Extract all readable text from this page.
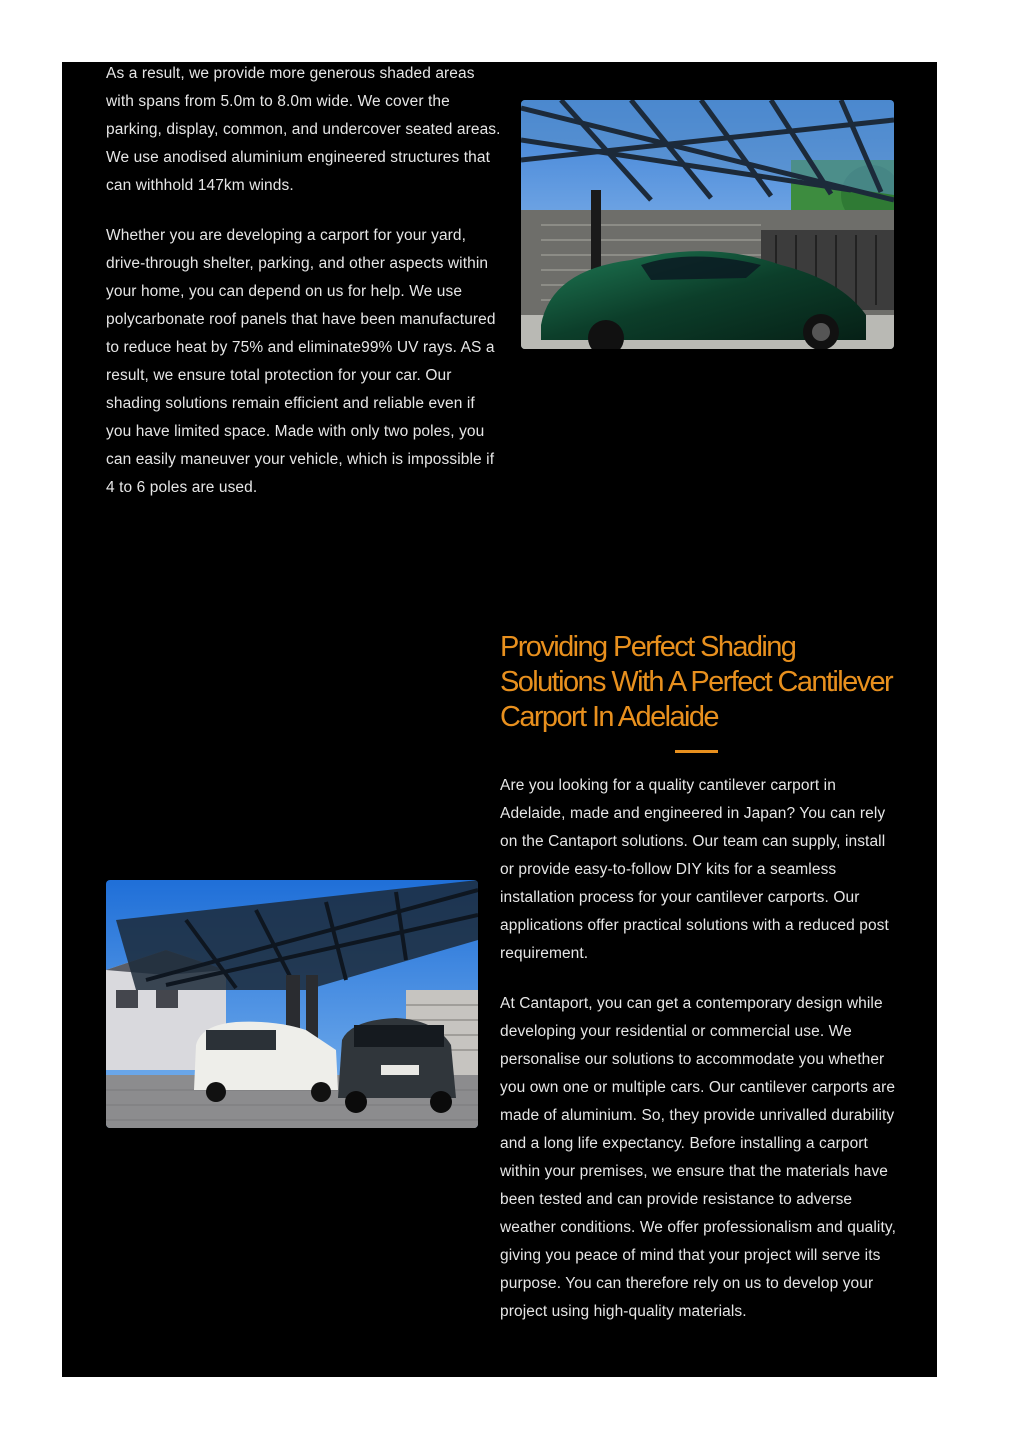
As a result, we provide more generous shaded areas with spans from 5.0m to 8.0m wide. We cover the parking, display, common, and undercover seated areas. We use anodised aluminium engineered structures that can withhold 147km winds.

Whether you are developing a carport for your yard, drive-through shelter, parking, and other aspects within your home, you can depend on us for help. We use polycarbonate roof panels that have been manufactured to reduce heat by 75% and eliminate99% UV rays. AS a result, we ensure total protection for your car. Our shading solutions remain efficient and reliable even if you have limited space. Made with only two poles, you can easily maneuver your vehicle, which is impossible if 4 to 6 poles are used.

Providing Perfect Shading Solutions With A Perfect Cantilever Carport In Adelaide

Are you looking for a quality cantilever carport in Adelaide, made and engineered in Japan? You can rely on the Cantaport solutions. Our team can supply, install or provide easy-to-follow DIY kits for a seamless installation process for your cantilever carports. Our applications offer practical solutions with a reduced post requirement.

At Cantaport, you can get a contemporary design while developing your residential or commercial use. We personalise our solutions to accommodate you whether you own one or multiple cars. Our cantilever carports are made of aluminium. So, they provide unrivalled durability and a long life expectancy. Before installing a carport within your premises, we ensure that the materials have been tested and can provide resistance to adverse weather conditions. We offer professionalism and quality, giving you peace of mind that your project will serve its purpose. You can therefore rely on us to develop your project using high-quality materials.
